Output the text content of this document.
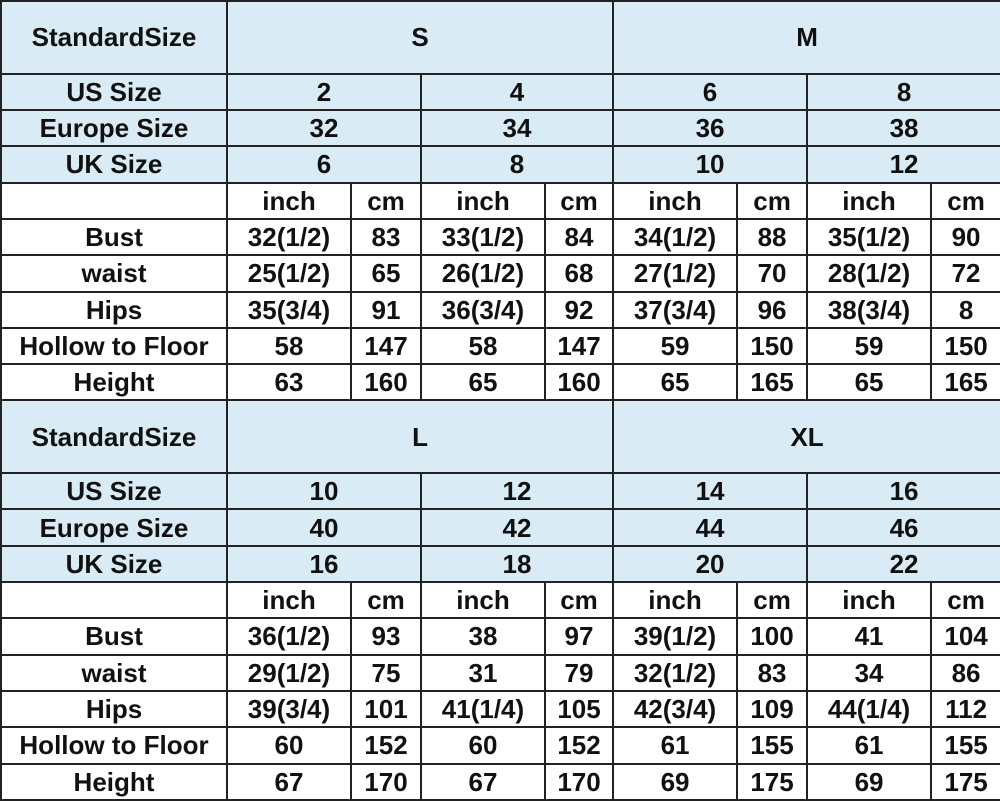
StandardSize	S				M			
US Size	2		4		6		8	
Europe Size	32		34		36		38	
UK Size	6		8		10		12	
	inch	cm	inch	cm	inch	cm	inch	cm
Bust	32(1/2)	83	33(1/2)	84	34(1/2)	88	35(1/2)	90
waist	25(1/2)	65	26(1/2)	68	27(1/2)	70	28(1/2)	72
Hips	35(3/4)	91	36(3/4)	92	37(3/4)	96	38(3/4)	8
Hollow to Floor	58	147	58	147	59	150	59	150
Height	63	160	65	160	65	165	65	165
StandardSize	L				XL			
US Size	10		12		14		16	
Europe Size	40		42		44		46	
UK Size	16		18		20		22	
	inch	cm	inch	cm	inch	cm	inch	cm
Bust	36(1/2)	93	38	97	39(1/2)	100	41	104
waist	29(1/2)	75	31	79	32(1/2)	83	34	86
Hips	39(3/4)	101	41(1/4)	105	42(3/4)	109	44(1/4)	112
Hollow to Floor	60	152	60	152	61	155	61	155
Height	67	170	67	170	69	175	69	175
